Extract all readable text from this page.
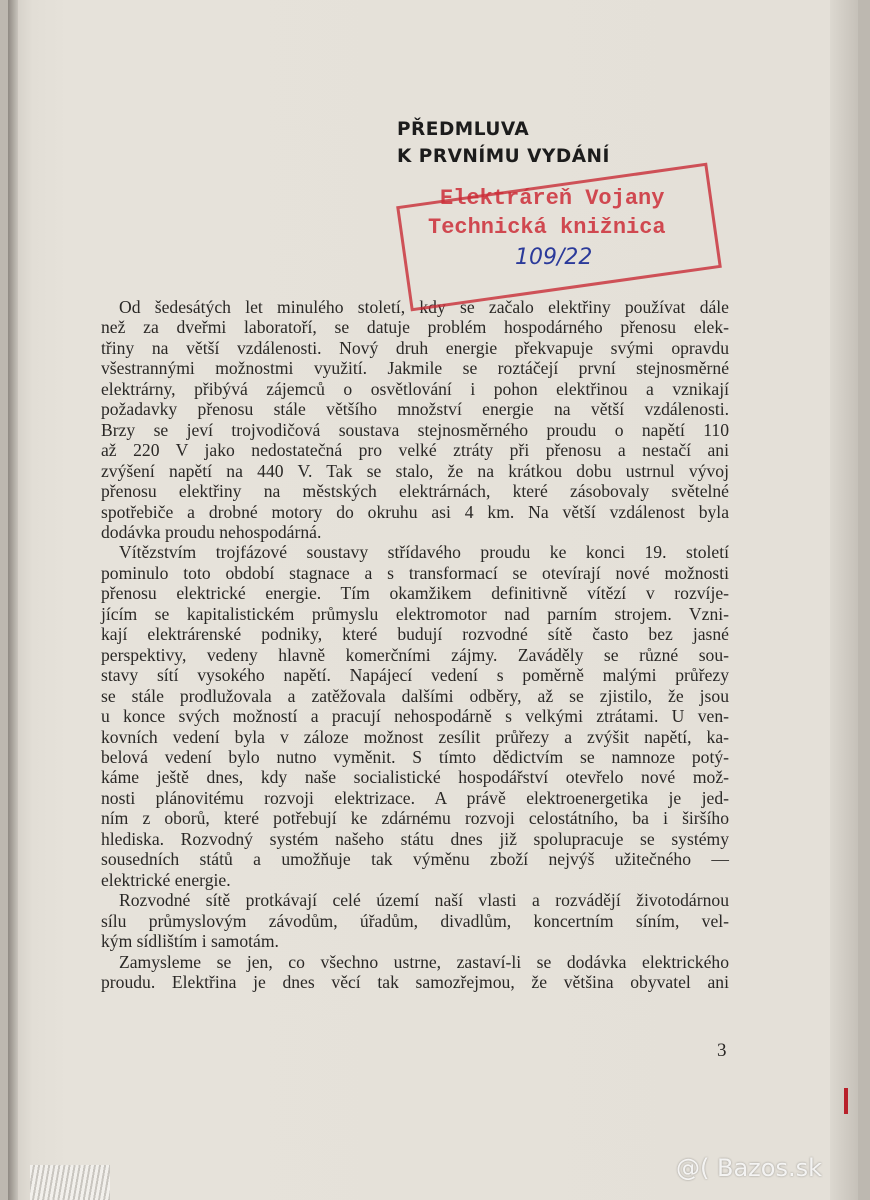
PŘEDMLUVA
K PRVNÍMU VYDÁNÍ
Od šedesátých let minulého století, kdy se začalo elektřiny používat dále
než za dveřmi laboratoří, se datuje problém hospodárného přenosu elek-
třiny na větší vzdálenosti. Nový druh energie překvapuje svými opravdu
všestrannými možnostmi využití. Jakmile se roztáčejí první stejnosměrné
elektrárny, přibývá zájemců o osvětlování i pohon elektřinou a vznikají
požadavky přenosu stále většího množství energie na větší vzdálenosti.
Brzy se jeví trojvodičová soustava stejnosměrného proudu o napětí 110
až 220 V jako nedostatečná pro velké ztráty při přenosu a nestačí ani
zvýšení napětí na 440 V. Tak se stalo, že na krátkou dobu ustrnul vývoj
přenosu elektřiny na městských elektrárnách, které zásobovaly světelné
spotřebiče a drobné motory do okruhu asi 4 km. Na větší vzdálenost byla
dodávka proudu nehospodárná.
Vítězstvím trojfázové soustavy střídavého proudu ke konci 19. století
pominulo toto období stagnace a s transformací se otevírají nové možnosti
přenosu elektrické energie. Tím okamžikem definitivně vítězí v rozvíje-
jícím se kapitalistickém průmyslu elektromotor nad parním strojem. Vzni-
kají elektrárenské podniky, které budují rozvodné sítě často bez jasné
perspektivy, vedeny hlavně komerčními zájmy. Zaváděly se různé sou-
stavy sítí vysokého napětí. Napájecí vedení s poměrně malými průřezy
se stále prodlužovala a zatěžovala dalšími odběry, až se zjistilo, že jsou
u konce svých možností a pracují nehospodárně s velkými ztrátami. U ven-
kovních vedení byla v záloze možnost zesílit průřezy a zvýšit napětí, ka-
belová vedení bylo nutno vyměnit. S tímto dědictvím se namnoze potý-
káme ještě dnes, kdy naše socialistické hospodářství otevřelo nové mož-
nosti plánovitému rozvoji elektrizace. A právě elektroenergetika je jed-
ním z oborů, které potřebují ke zdárnému rozvoji celostátního, ba i širšího
hlediska. Rozvodný systém našeho státu dnes již spolupracuje se systémy
sousedních států a umožňuje tak výměnu zboží nejvýš užitečného —
elektrické energie.
Rozvodné sítě protkávají celé území naší vlasti a rozvádějí životodárnou
sílu průmyslovým závodům, úřadům, divadlům, koncertním síním, vel-
kým sídlištím i samotám.
Zamysleme se jen, co všechno ustrne, zastaví-li se dodávka elektrického
proudu. Elektřina je dnes věcí tak samozřejmou, že většina obyvatel ani
Elektráreň Vojany
Technická knižnica
109/22
3
@( Bazos.sk
